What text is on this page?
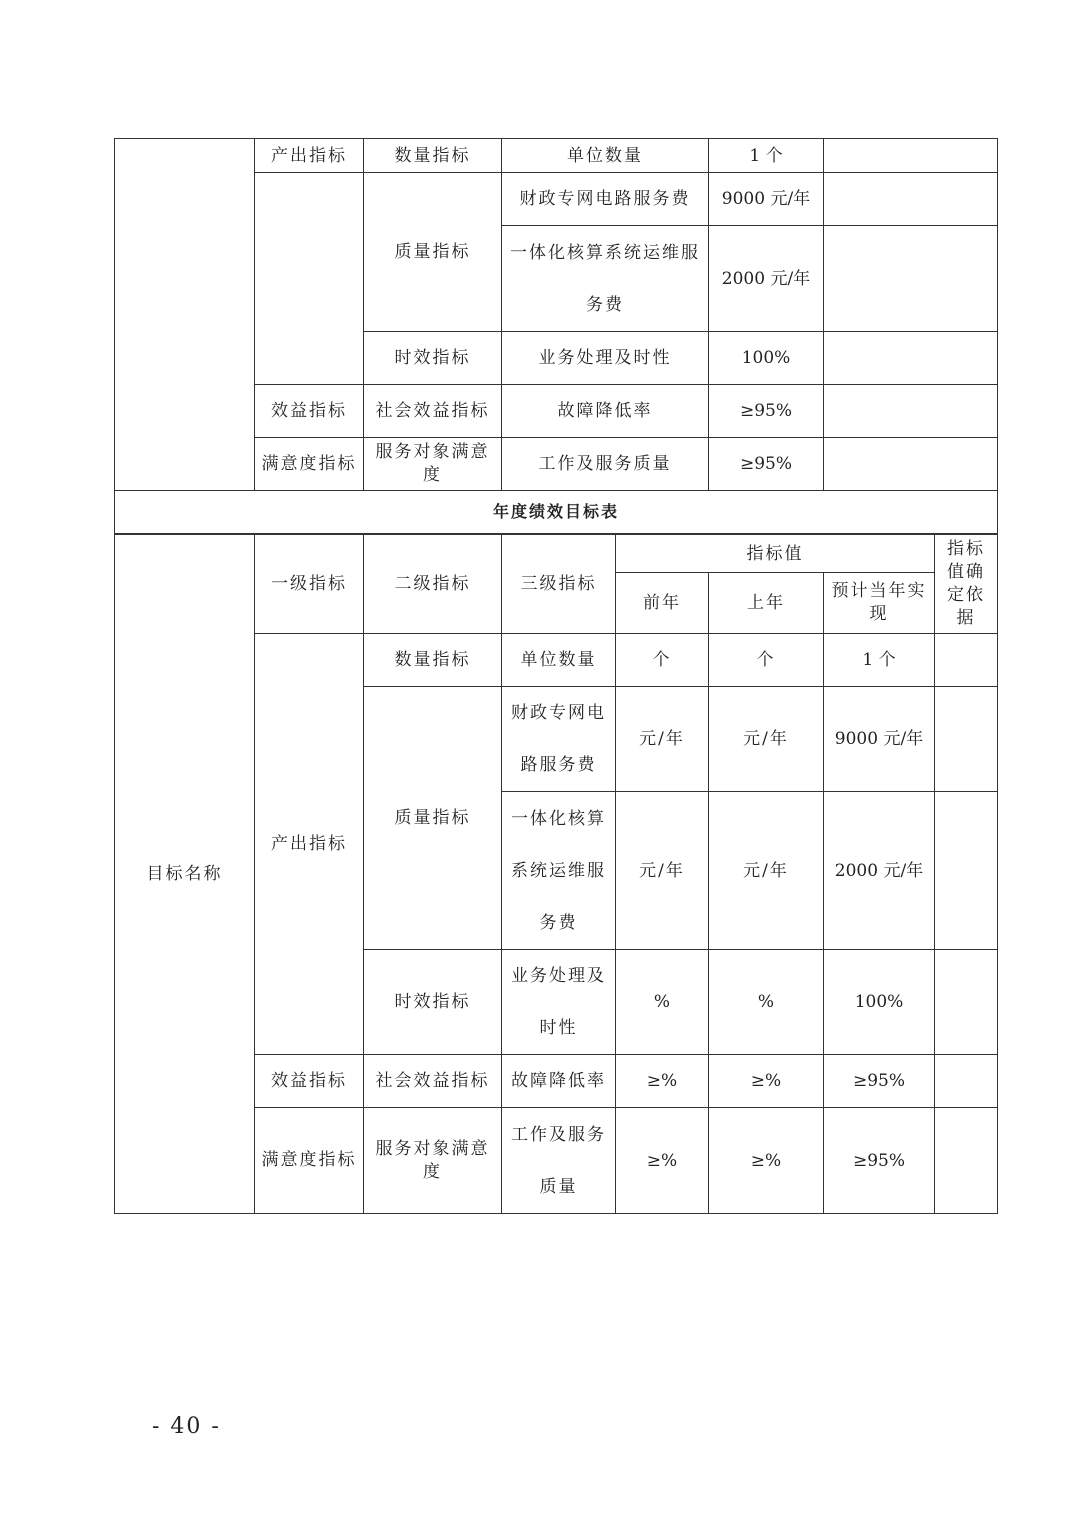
	产出指标	数量指标	单位数量	1 个	
		质量指标	财政专网电路服务费	9000 元/年	
			一体化核算系统运维服务费	2000 元/年	
		时效指标	业务处理及时性	100%	
	效益指标	社会效益指标	故障降低率	≥95%	
	满意度指标	服务对象满意度	工作及服务质量	≥95%	
年度绩效目标表					
目标名称	一级指标	二级指标	三级指标	指标值			指标值确定依据
				前年	上年	预计当年实现	
	产出指标	数量指标	单位数量	个	个	1 个	
		质量指标	财政专网电路服务费	元/年	元/年	9000 元/年	
			一体化核算系统运维服务费	元/年	元/年	2000 元/年	
		时效指标	业务处理及时性	%	%	100%	
	效益指标	社会效益指标	故障降低率	≥%	≥%	≥95%	
	满意度指标	服务对象满意度	工作及服务质量	≥%	≥%	≥95%	
- 40 -
